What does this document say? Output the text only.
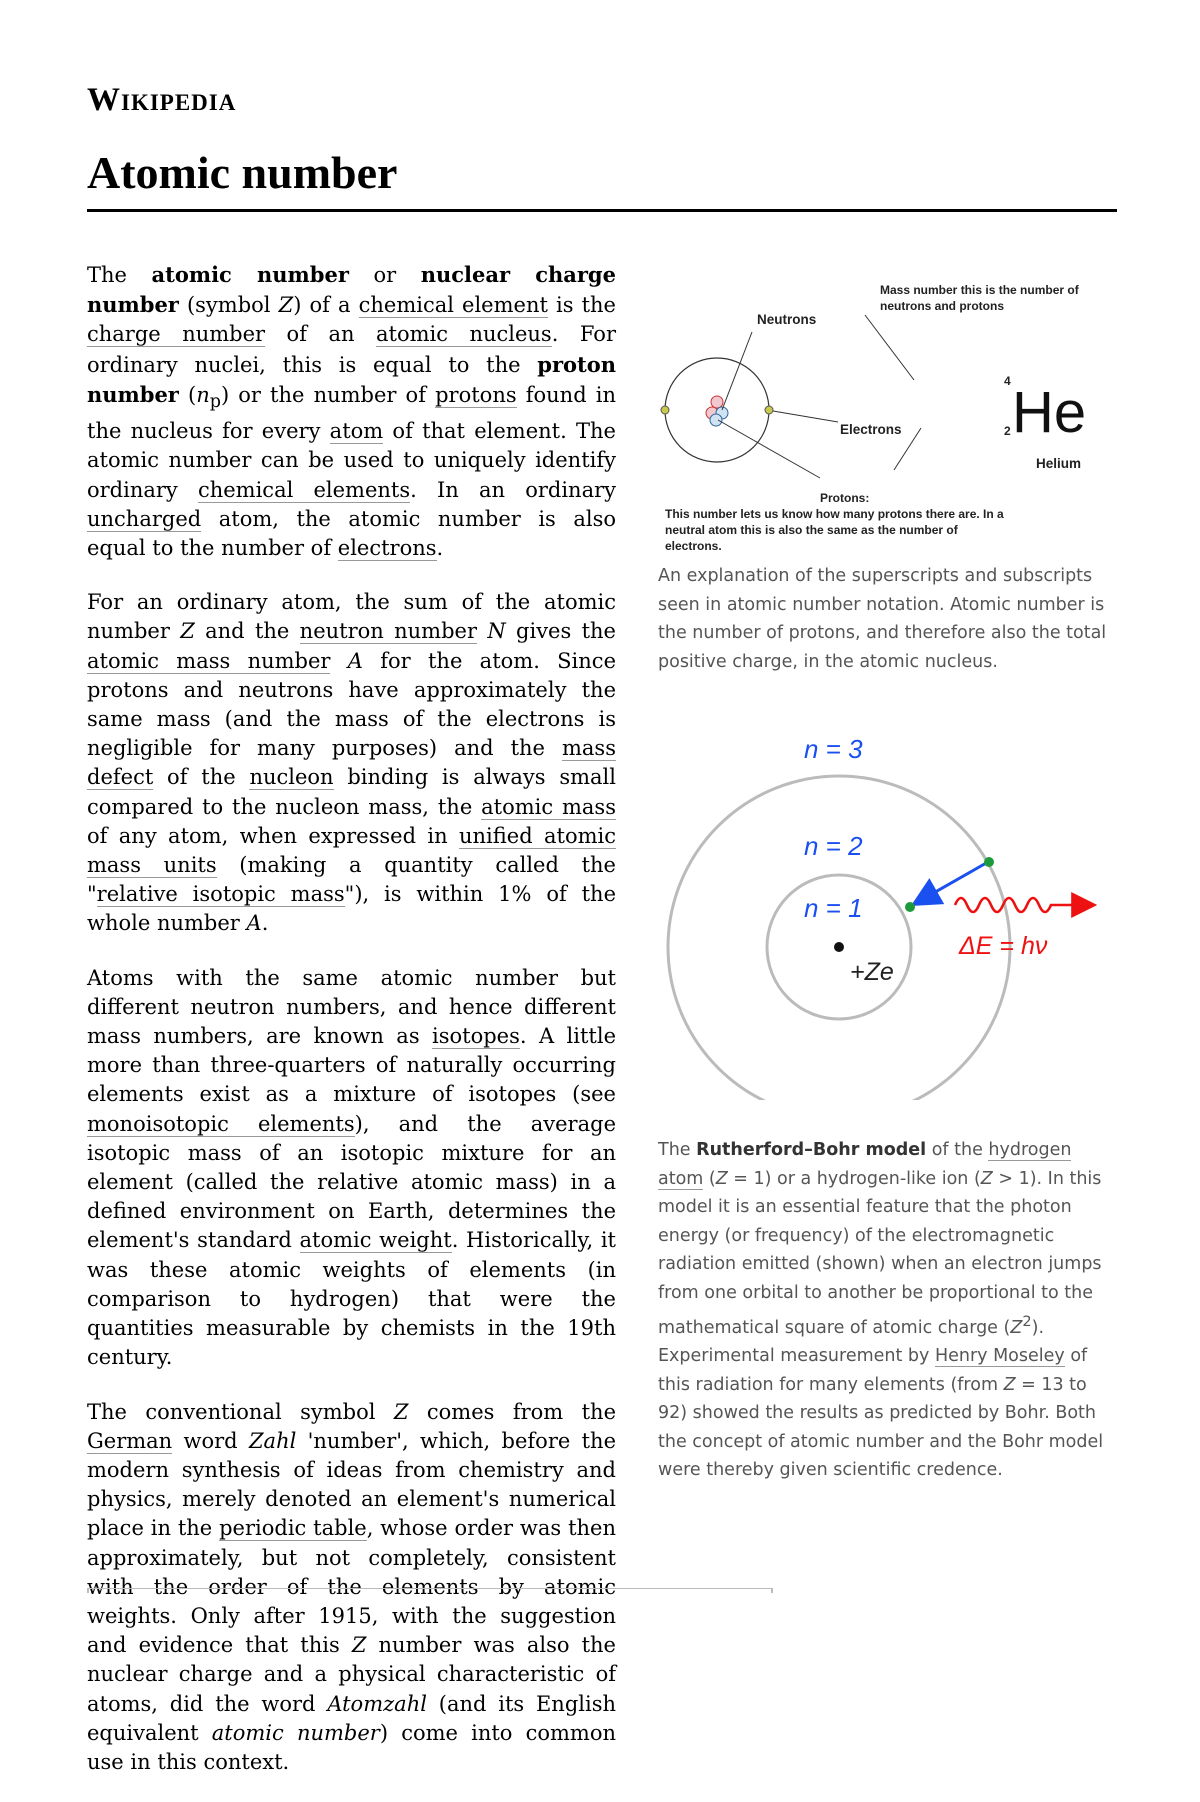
Wikipedia
Atomic number

The atomic number or nuclear charge number (symbol Z) of a chemical element is the charge number of an atomic nucleus. For ordinary nuclei, this is equal to the proton number $(n_p)$ or the number of protons found in the nucleus for every atom of that element. The atomic number can be used to uniquely identify ordinary chemical elements. In an ordinary uncharged atom, the atomic number is also equal to the number of electrons.

For an ordinary atom, the sum of the atomic number Z and the neutron number N gives the atomic mass number A for the atom. Since protons and neutrons have approximately the same mass (and the mass of the electrons is negligible for many purposes) and the mass defect of the nucleon binding is always small compared to the nucleon mass, the atomic mass of any atom, when expressed in unified atomic mass units (making a quantity called the "relative isotopic mass"), is within 1% of the whole number A.

Atoms with the same atomic number but different neutron numbers, and hence different mass numbers, are known as isotopes. A little more than three-quarters of naturally occurring elements exist as a mixture of isotopes (see monoisotopic elements), and the average isotopic mass of an isotopic mixture for an element (called the relative atomic mass) in a defined environment on Earth, determines the element's standard atomic weight. Historically, it was these atomic weights of elements (in comparison to hydrogen) that were the quantities measurable by chemists in the 19th century.

The conventional symbol Z comes from the German word Zahl 'number', which, before the modern synthesis of ideas from chemistry and physics, merely denoted an element's numerical place in the periodic table, whose order was then approximately, but not completely, consistent with the order of the elements by atomic weights. Only after 1915, with the suggestion and evidence that this Z number was also the nuclear charge and a physical characteristic of atoms, did the word Atomzahl (and its English equivalent atomic number) come into common use in this context.

Neutrons
Mass number this is the number of
neutrons and protons
Electrons
Protons:
This number lets us know how many protons there are. In a
neutral atom this is also the same as the number of
electrons.
4
2 He
Helium
An explanation of the superscripts and subscripts seen in atomic number notation. Atomic number is the number of protons, and therefore also the total positive charge, in the atomic nucleus.
n = 3
n = 2
n = 1
+Ze
ΔE = hν
The Rutherford–Bohr model of the hydrogen atom (Z = 1) or a hydrogen-like ion (Z > 1). In this model it is an essential feature that the photon energy (or frequency) of the electromagnetic radiation emitted (shown) when an electron jumps from one orbital to another be proportional to the mathematical square of atomic charge $(Z^2)$. Experimental measurement by Henry Moseley of this radiation for many elements (from Z = 13 to 92) showed the results as predicted by Bohr. Both the concept of atomic number and the Bohr model were thereby given scientific credence.
